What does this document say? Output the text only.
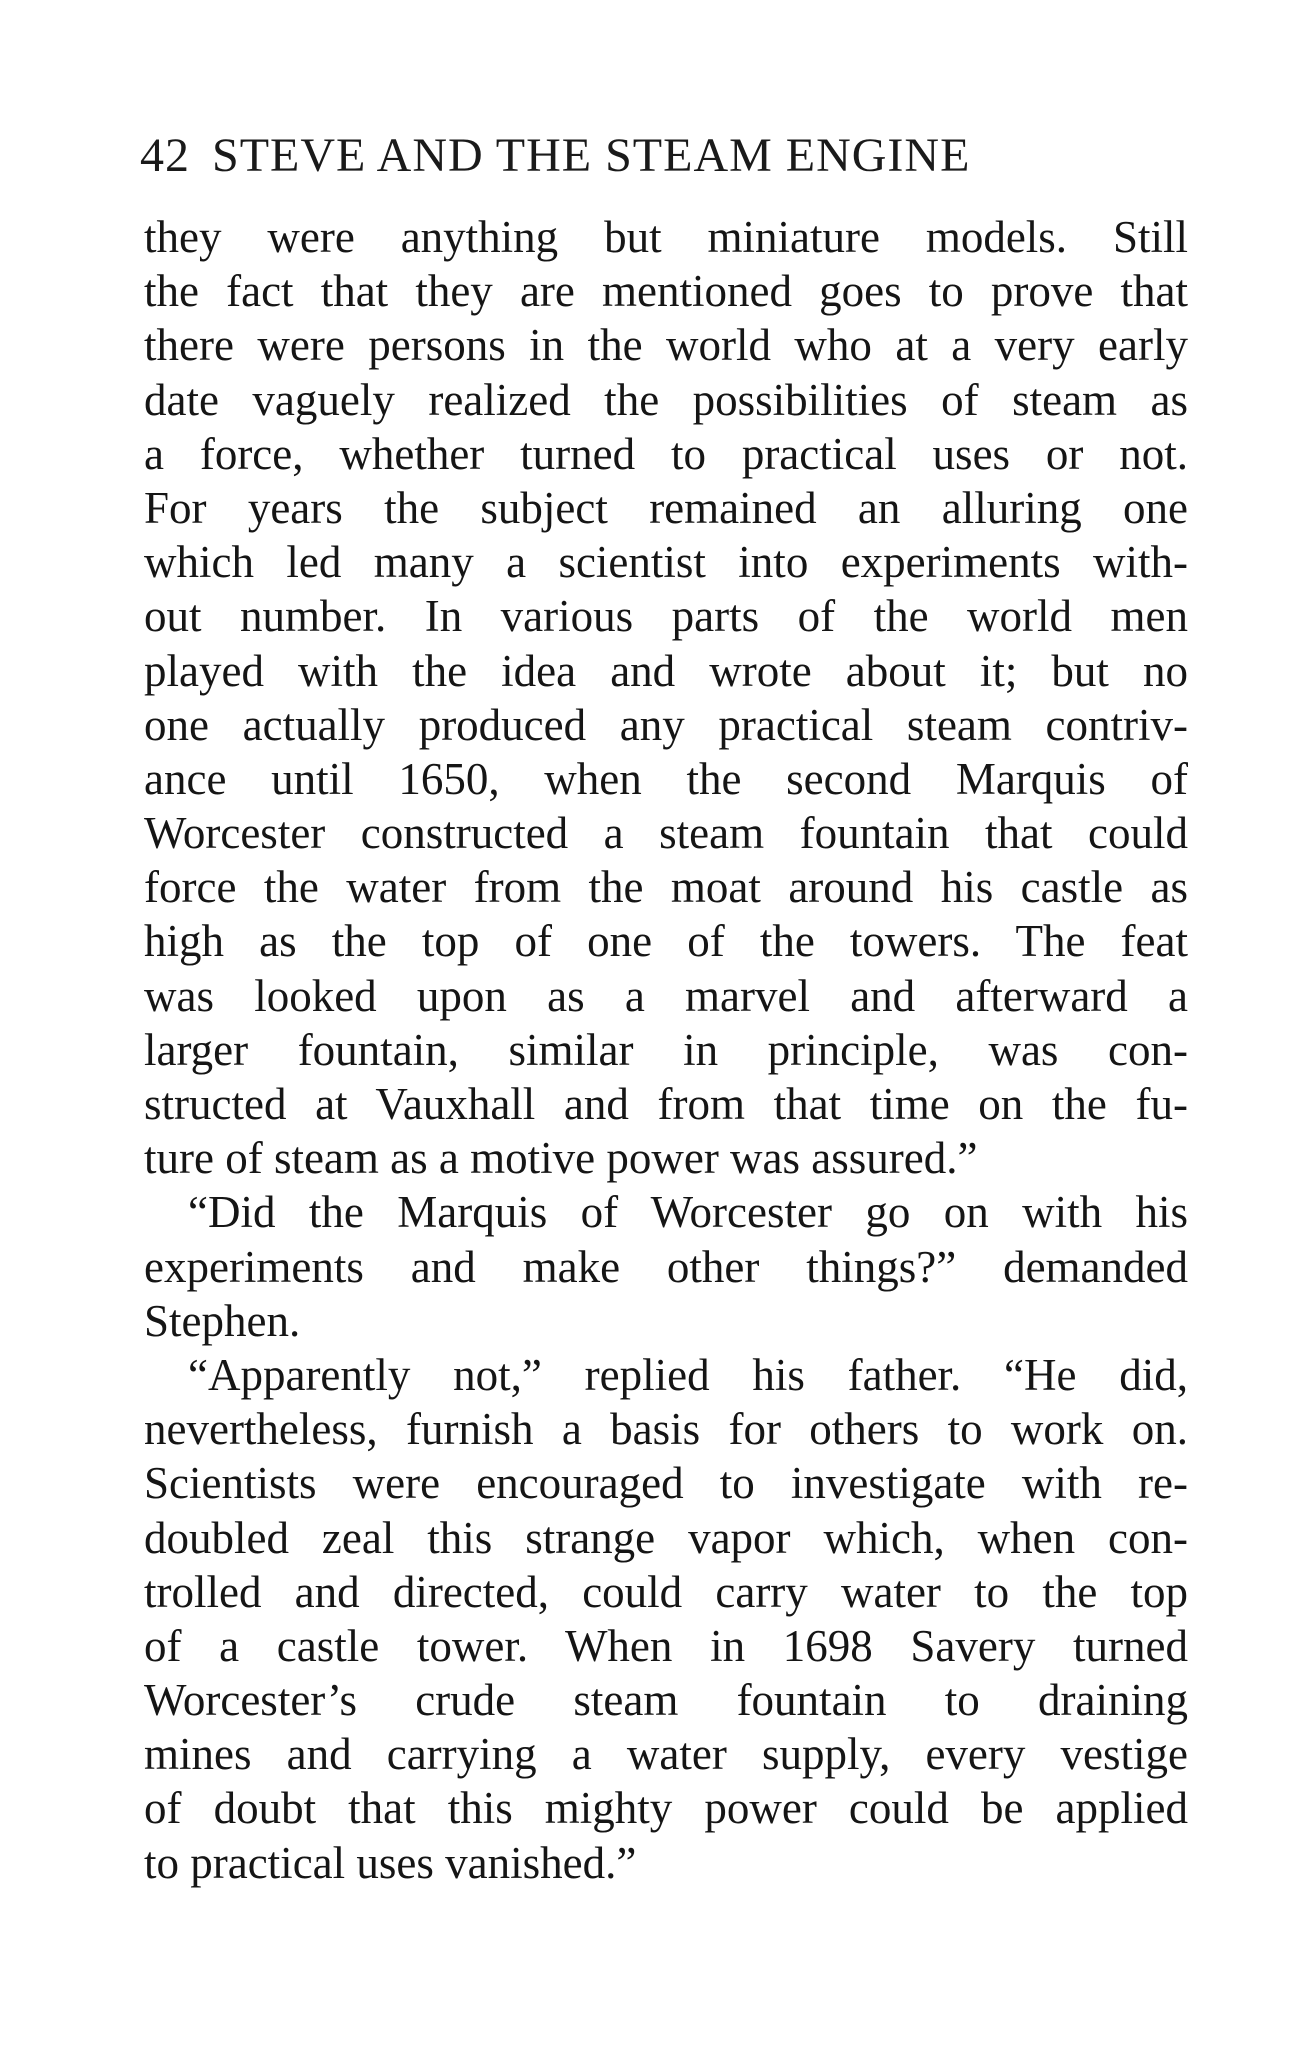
42 STEVE AND THE STEAM ENGINE
they were anything but miniature models. Still
the fact that they are mentioned goes to prove that
there were persons in the world who at a very early
date vaguely realized the possibilities of steam as
a force, whether turned to practical uses or not.
For years the subject remained an alluring one
which led many a scientist into experiments with-
out number. In various parts of the world men
played with the idea and wrote about it; but no
one actually produced any practical steam contriv-
ance until 1650, when the second Marquis of
Worcester constructed a steam fountain that could
force the water from the moat around his castle as
high as the top of one of the towers. The feat
was looked upon as a marvel and afterward a
larger fountain, similar in principle, was con-
structed at Vauxhall and from that time on the fu-
ture of steam as a motive power was assured.”
“Did the Marquis of Worcester go on with his
experiments and make other things?” demanded
Stephen.
“Apparently not,” replied his father. “He did,
nevertheless, furnish a basis for others to work on.
Scientists were encouraged to investigate with re-
doubled zeal this strange vapor which, when con-
trolled and directed, could carry water to the top
of a castle tower. When in 1698 Savery turned
Worcester’s crude steam fountain to draining
mines and carrying a water supply, every vestige
of doubt that this mighty power could be applied
to practical uses vanished.”
